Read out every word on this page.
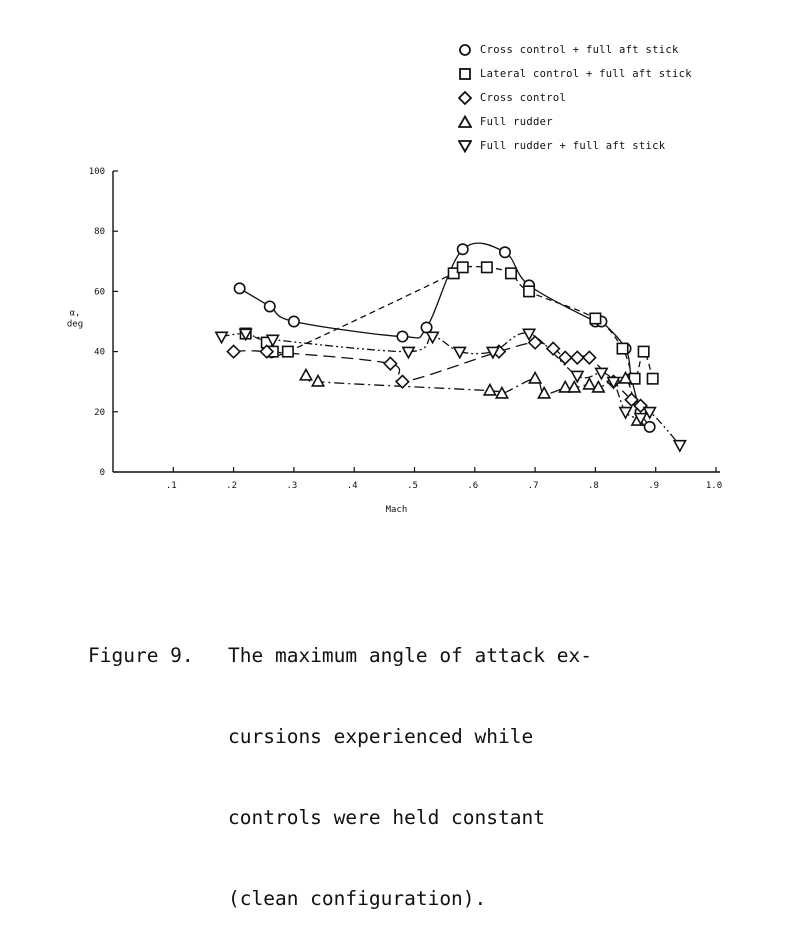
.1	.2	.3	.4	.5	.6	.7	.8	.9	1.0
0
20
40
60
80
100
Mach
α,
deg
Cross control + full aft stick
Lateral control + full aft stick
Cross control
Full rudder
Full rudder + full aft stick

Figure 9. The maximum angle of attack ex-

cursions experienced while

controls were held constant

(clean configuration).
